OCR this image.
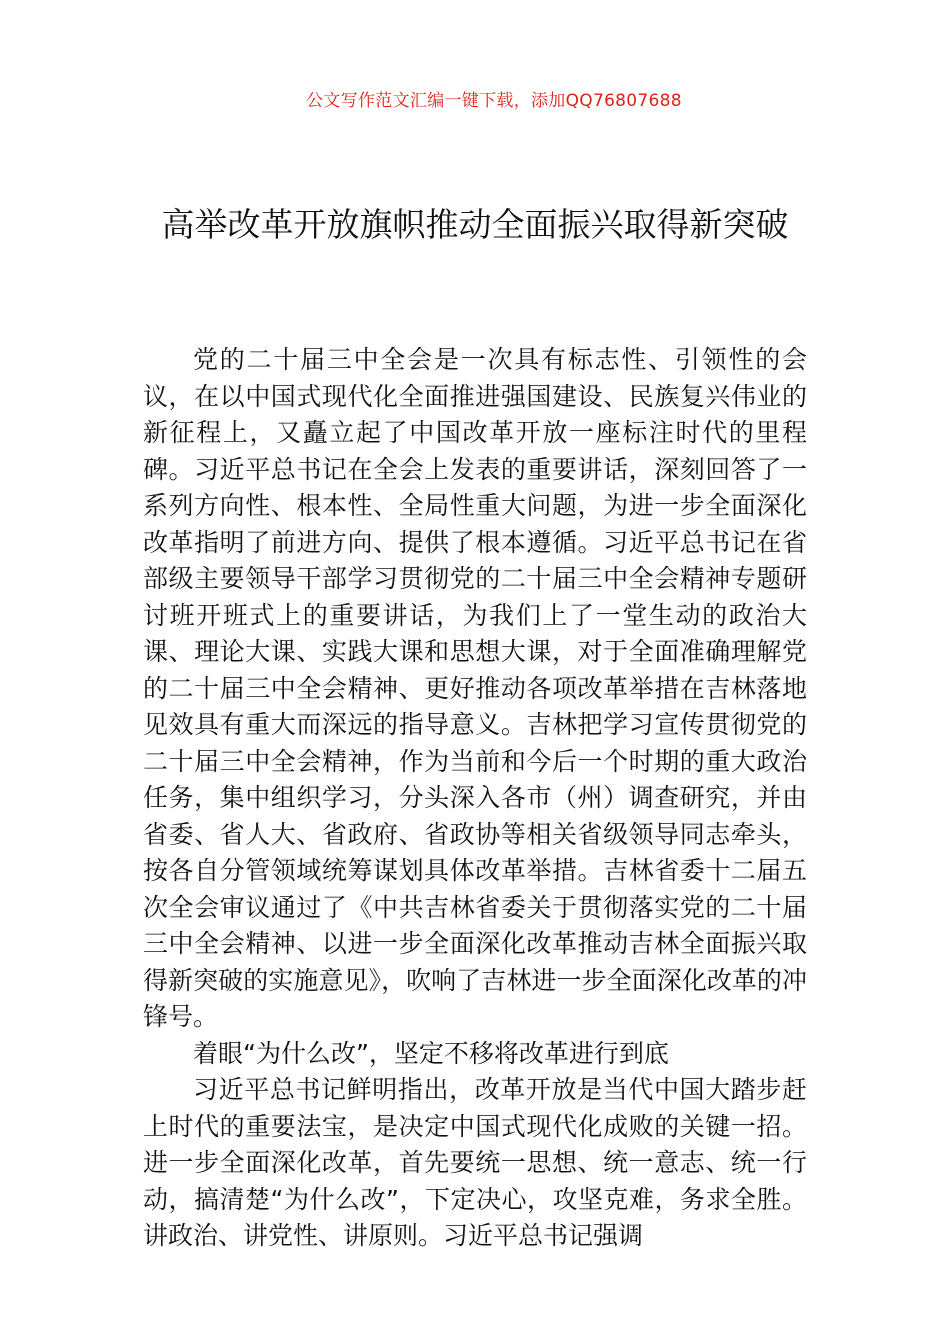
公文写作范文汇编一键下载，添加QQ76807688
高举改革开放旗帜推动全面振兴取得新突破

党的二十届三中全会是一次具有标志性、引领性的会议，在以中国式现代化全面推进强国建设、民族复兴伟业的新征程上，又矗立起了中国改革开放一座标注时代的里程碑。习近平总书记在全会上发表的重要讲话，深刻回答了一系列方向性、根本性、全局性重大问题，为进一步全面深化改革指明了前进方向、提供了根本遵循。习近平总书记在省部级主要领导干部学习贯彻党的二十届三中全会精神专题研讨班开班式上的重要讲话，为我们上了一堂生动的政治大课、理论大课、实践大课和思想大课，对于全面准确理解党的二十届三中全会精神、更好推动各项改革举措在吉林落地见效具有重大而深远的指导意义。吉林把学习宣传贯彻党的二十届三中全会精神，作为当前和今后一个时期的重大政治任务，集中组织学习，分头深入各市（州）调查研究，并由省委、省人大、省政府、省政协等相关省级领导同志牵头，按各自分管领域统筹谋划具体改革举措。吉林省委十二届五次全会审议通过了《中共吉林省委关于贯彻落实党的二十届三中全会精神、以进一步全面深化改革推动吉林全面振兴取得新突破的实施意见》，吹响了吉林进一步全面深化改革的冲锋号。

着眼“为什么改”，坚定不移将改革进行到底

习近平总书记鲜明指出，改革开放是当代中国大踏步赶上时代的重要法宝，是决定中国式现代化成败的关键一招。进一步全面深化改革，首先要统一思想、统一意志、统一行动，搞清楚“为什么改”，下定决心，攻坚克难，务求全胜。讲政治、讲党性、讲原则。习近平总书记强调
